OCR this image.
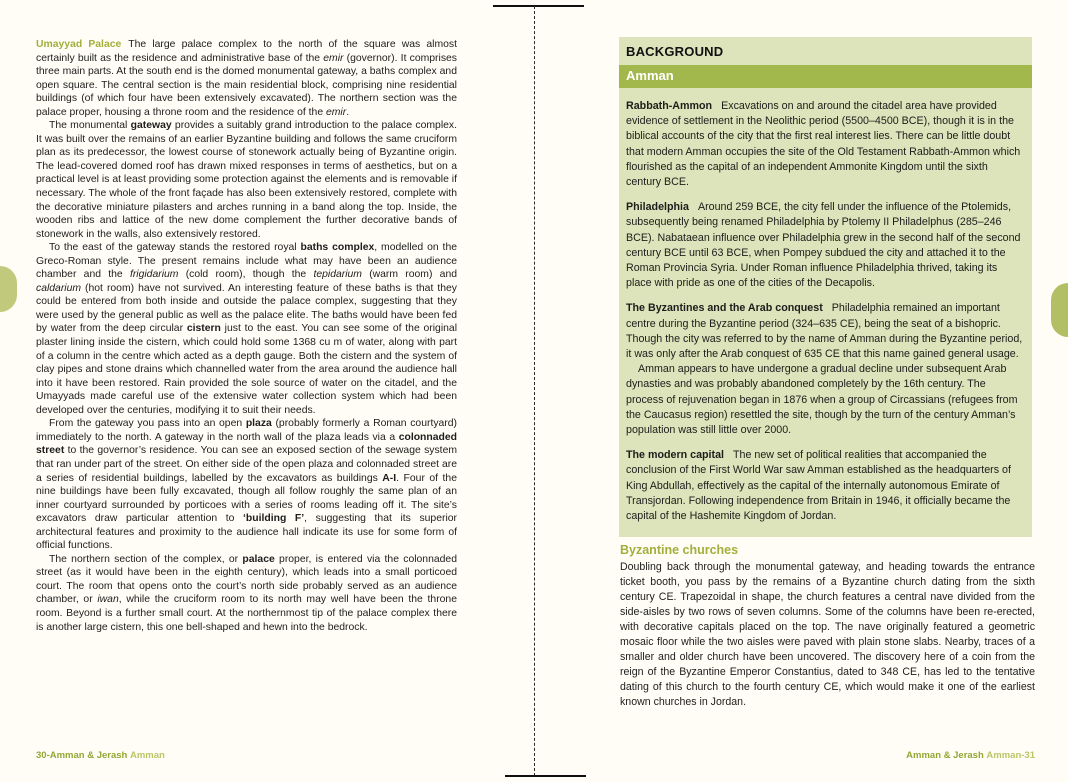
Umayyad Palace The large palace complex to the north of the square was almost certainly built as the residence and administrative base of the emir (governor). It comprises three main parts. At the south end is the domed monumental gateway, a baths complex and open square. The central section is the main residential block, comprising nine residential buildings (of which four have been extensively excavated). The northern section was the palace proper, housing a throne room and the residence of the emir.

The monumental gateway provides a suitably grand introduction to the palace complex. It was built over the remains of an earlier Byzantine building and follows the same cruciform plan as its predecessor, the lowest course of stonework actually being of Byzantine origin. The lead-covered domed roof has drawn mixed responses in terms of aesthetics, but on a practical level is at least providing some protection against the elements and is removable if necessary. The whole of the front façade has also been extensively restored, complete with the decorative miniature pilasters and arches running in a band along the top. Inside, the wooden ribs and lattice of the new dome complement the further decorative bands of stonework in the walls, also extensively restored.

To the east of the gateway stands the restored royal baths complex, modelled on the Greco-Roman style. The present remains include what may have been an audience chamber and the frigidarium (cold room), though the tepidarium (warm room) and caldarium (hot room) have not survived. An interesting feature of these baths is that they could be entered from both inside and outside the palace complex, suggesting that they were used by the general public as well as the palace elite. The baths would have been fed by water from the deep circular cistern just to the east. You can see some of the original plaster lining inside the cistern, which could hold some 1368 cu m of water, along with part of a column in the centre which acted as a depth gauge. Both the cistern and the system of clay pipes and stone drains which channelled water from the area around the audience hall into it have been restored. Rain provided the sole source of water on the citadel, and the Umayyads made careful use of the extensive water collection system which had been developed over the centuries, modifying it to suit their needs.

From the gateway you pass into an open plaza (probably formerly a Roman courtyard) immediately to the north. A gateway in the north wall of the plaza leads via a colonnaded street to the governor’s residence. You can see an exposed section of the sewage system that ran under part of the street. On either side of the open plaza and colonnaded street are a series of residential buildings, labelled by the excavators as buildings A-I. Four of the nine buildings have been fully excavated, though all follow roughly the same plan of an inner courtyard surrounded by porticoes with a series of rooms leading off it. The site’s excavators draw particular attention to ‘building F’, suggesting that its superior architectural features and proximity to the audience hall indicate its use for some form of official functions.

The northern section of the complex, or palace proper, is entered via the colonnaded street (as it would have been in the eighth century), which leads into a small porticoed court. The room that opens onto the court’s north side probably served as an audience chamber, or iwan, while the cruciform room to its north may well have been the throne room. Beyond is a further small court. At the northernmost tip of the palace complex there is another large cistern, this one bell-shaped and hewn into the bedrock.

30-Amman & Jerash Amman
BACKGROUND
Amman

Rabbath-Ammon Excavations on and around the citadel area have provided evidence of settlement in the Neolithic period (5500–4500 BCE), though it is in the biblical accounts of the city that the first real interest lies. There can be little doubt that modern Amman occupies the site of the Old Testament Rabbath-Ammon which flourished as the capital of an independent Ammonite Kingdom until the sixth century BCE.

Philadelphia Around 259 BCE, the city fell under the influence of the Ptolemids, subsequently being renamed Philadelphia by Ptolemy II Philadelphus (285–246 BCE). Nabataean influence over Philadelphia grew in the second half of the second century BCE until 63 BCE, when Pompey subdued the city and attached it to the Roman Provincia Syria. Under Roman influence Philadelphia thrived, taking its place with pride as one of the cities of the Decapolis.

The Byzantines and the Arab conquest Philadelphia remained an important centre during the Byzantine period (324–635 CE), being the seat of a bishopric. Though the city was referred to by the name of Amman during the Byzantine period, it was only after the Arab conquest of 635 CE that this name gained general usage.

Amman appears to have undergone a gradual decline under subsequent Arab dynasties and was probably abandoned completely by the 16th century. The process of rejuvenation began in 1876 when a group of Circassians (refugees from the Caucasus region) resettled the site, though by the turn of the century Amman’s population was still little over 2000.

The modern capital The new set of political realities that accompanied the conclusion of the First World War saw Amman established as the headquarters of King Abdullah, effectively as the capital of the internally autonomous Emirate of Transjordan. Following independence from Britain in 1946, it officially became the capital of the Hashemite Kingdom of Jordan.

Byzantine churches

Doubling back through the monumental gateway, and heading towards the entrance ticket booth, you pass by the remains of a Byzantine church dating from the sixth century CE. Trapezoidal in shape, the church features a central nave divided from the side-aisles by two rows of seven columns. Some of the columns have been re-erected, with decorative capitals placed on the top. The nave originally featured a geometric mosaic floor while the two aisles were paved with plain stone slabs. Nearby, traces of a smaller and older church have been uncovered. The discovery here of a coin from the reign of the Byzantine Emperor Constantius, dated to 348 CE, has led to the tentative dating of this church to the fourth century CE, which would make it one of the earliest known churches in Jordan.

Amman & Jerash Amman-31
